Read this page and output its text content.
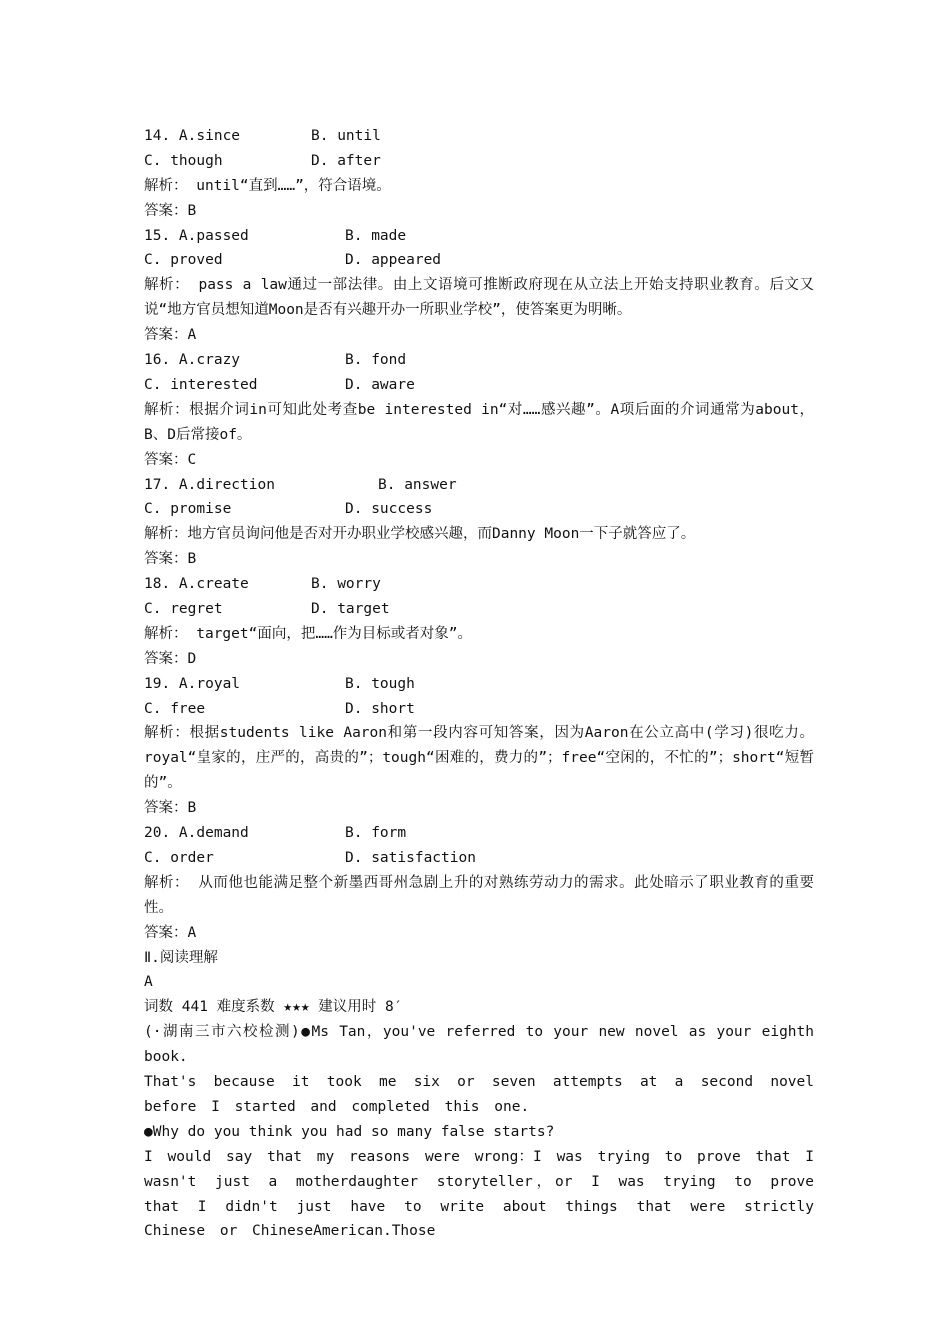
14. A.since	B. until
C. though	D. after
解析： until“直到……”，符合语境。
答案：B
15. A.passed	B. made
C. proved	D. appeared
解析： pass a law通过一部法律。由上文语境可推断政府现在从立法上开始支持职业教育。后文又说“地方官员想知道Moon是否有兴趣开办一所职业学校”，使答案更为明晰。
答案：A
16. A.crazy	B. fond
C. interested	D. aware
解析：根据介词in可知此处考查be interested in“对……感兴趣”。A项后面的介词通常为about，B、D后常接of。
答案：C
17. A.direction	B. answer
C. promise	D. success
解析：地方官员询问他是否对开办职业学校感兴趣，而Danny Moon一下子就答应了。
答案：B
18. A.create	B. worry
C. regret	D. target
解析： target“面向，把……作为目标或者对象”。
答案：D
19. A.royal	B. tough
C. free	D. short
解析：根据students like Aaron和第一段内容可知答案，因为Aaron在公立高中(学习)很吃力。royal“皇家的，庄严的，高贵的”；tough“困难的，费力的”；free“空闲的，不忙的”；short“短暂的”。
答案：B
20. A.demand	B. form
C. order	D. satisfaction
解析： 从而他也能满足整个新墨西哥州急剧上升的对熟练劳动力的需求。此处暗示了职业教育的重要性。
答案：A
Ⅱ.阅读理解
A
词数 441 难度系数 ★★★ 建议用时 8′
(·湖南三市六校检测)●Ms Tan，you've referred to your new novel as your eighth book.
That's because it took me six or seven attempts at a second novel before I started and completed this one.
●Why do you think you had so many false starts?
I would say that my reasons were wrong：I was trying to prove that I wasn't just a motherdaughter storyteller，or I was trying to prove that I didn't just have to write about things that were strictly Chinese or ChineseAmerican.Those
